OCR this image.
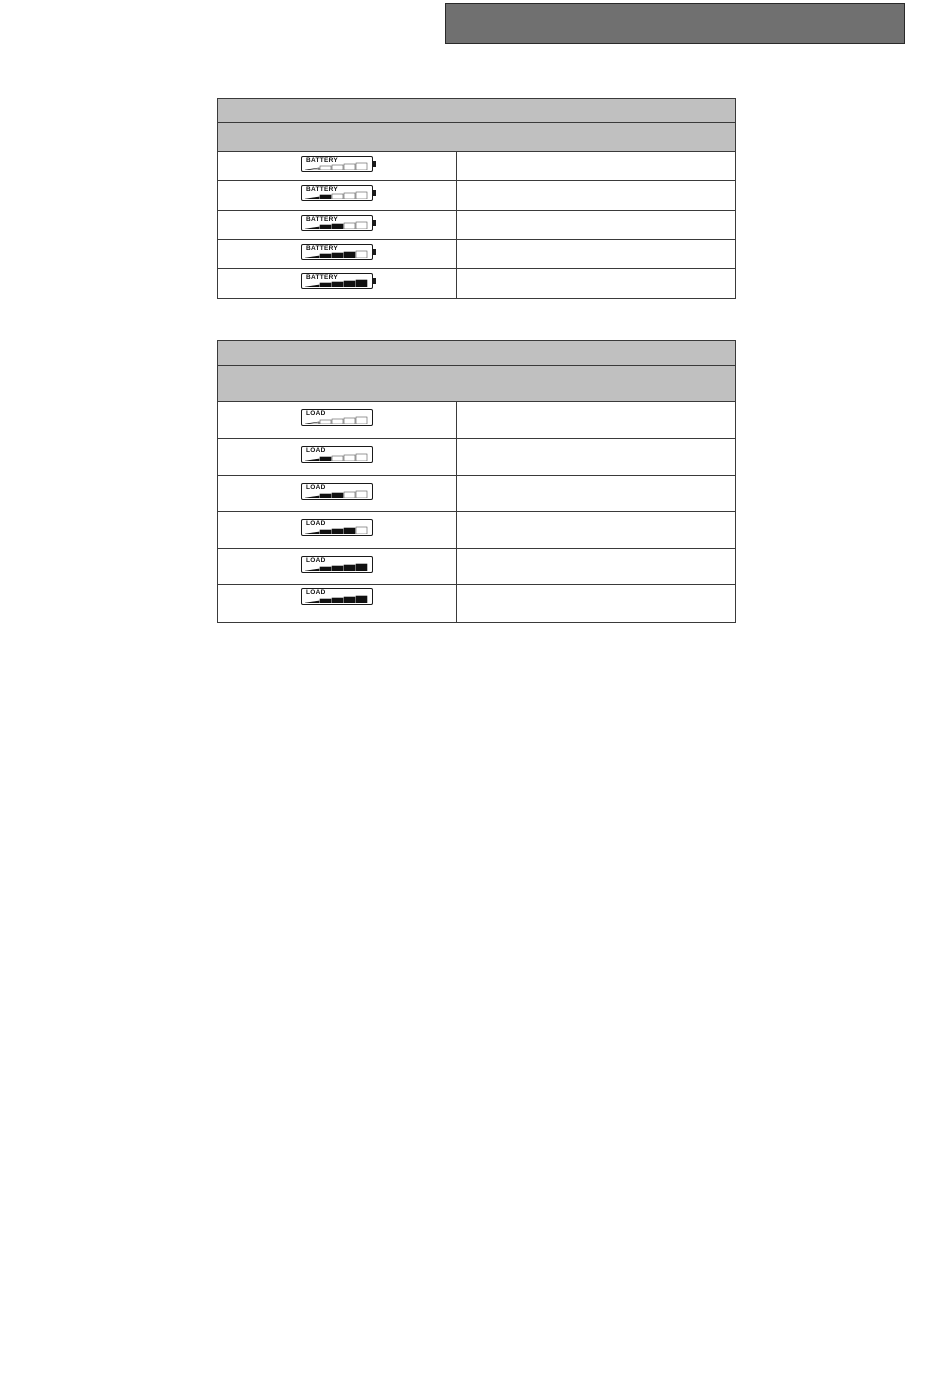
BATTERY	

BATTERY	

BATTERY	

BATTERY	

BATTERY	

LOAD	

LOAD	

LOAD	

LOAD	

LOAD	

LOAD	
